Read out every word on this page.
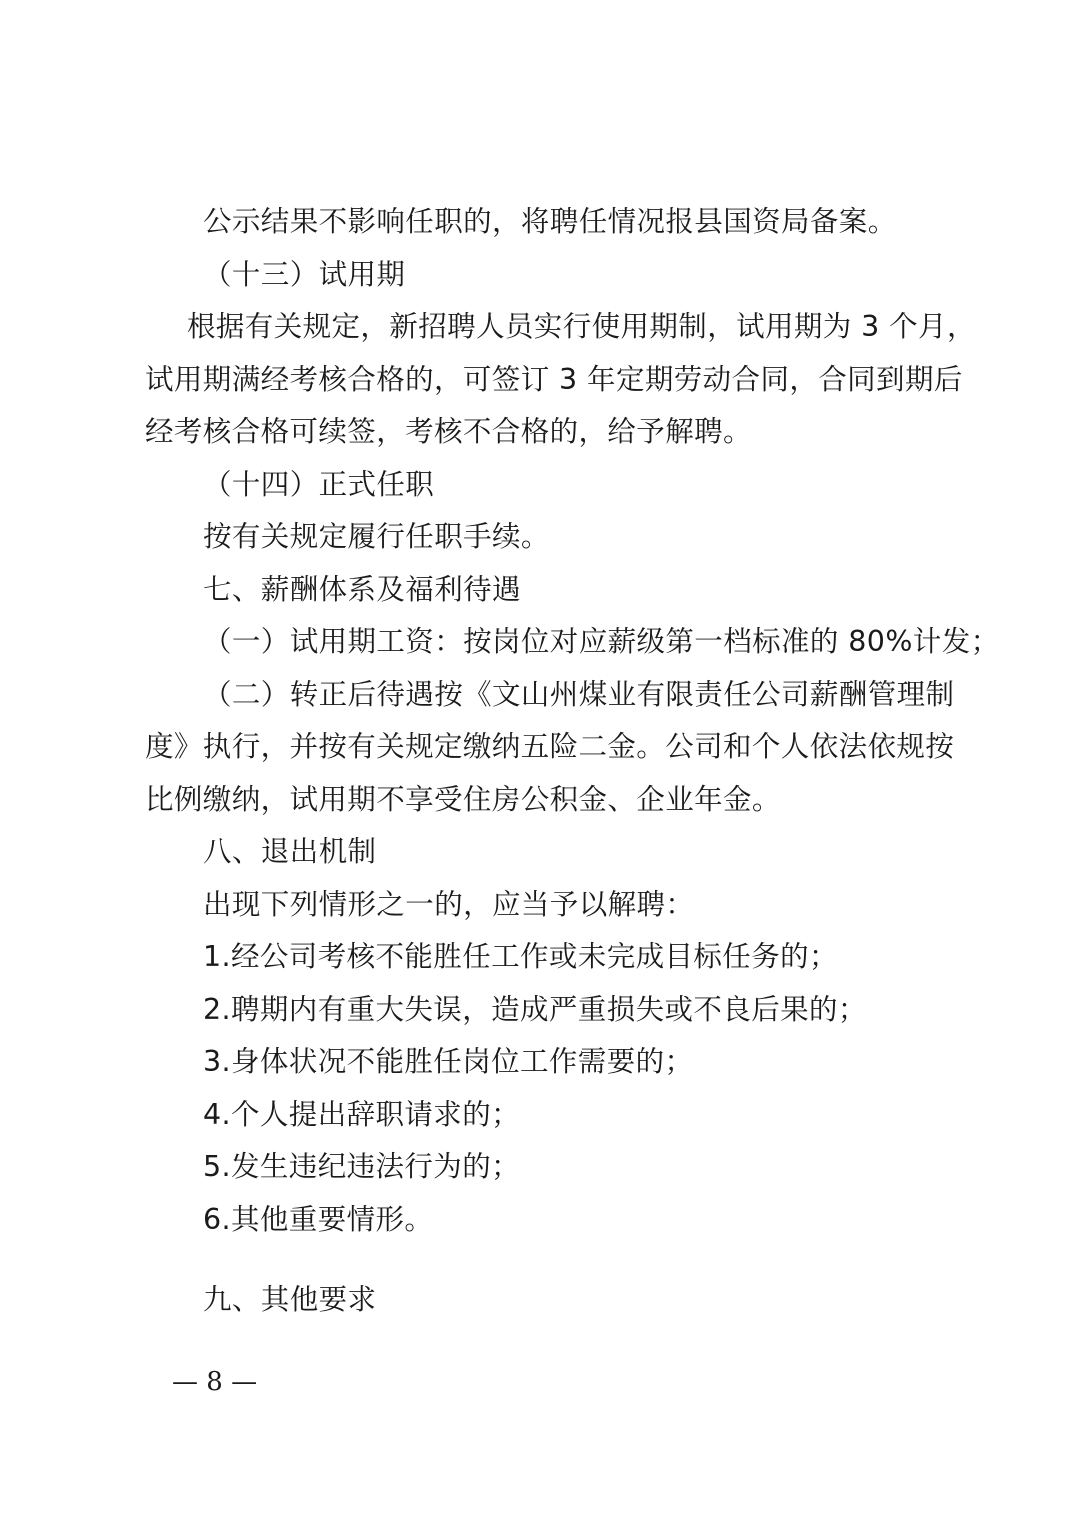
公示结果不影响任职的，将聘任情况报县国资局备案。
（十三）试用期
根据有关规定，新招聘人员实行使用期制，试用期为 3 个月，
试用期满经考核合格的，可签订 3 年定期劳动合同，合同到期后
经考核合格可续签，考核不合格的，给予解聘。
（十四）正式任职
按有关规定履行任职手续。
七、薪酬体系及福利待遇
（一）试用期工资：按岗位对应薪级第一档标准的 80%计发；
（二）转正后待遇按《文山州煤业有限责任公司薪酬管理制
度》执行，并按有关规定缴纳五险二金。公司和个人依法依规按
比例缴纳，试用期不享受住房公积金、企业年金。
八、退出机制
出现下列情形之一的，应当予以解聘：
1.经公司考核不能胜任工作或未完成目标任务的；
2.聘期内有重大失误，造成严重损失或不良后果的；
3.身体状况不能胜任岗位工作需要的；
4.个人提出辞职请求的；
5.发生违纪违法行为的；
6.其他重要情形。
九、其他要求
— 8 —
